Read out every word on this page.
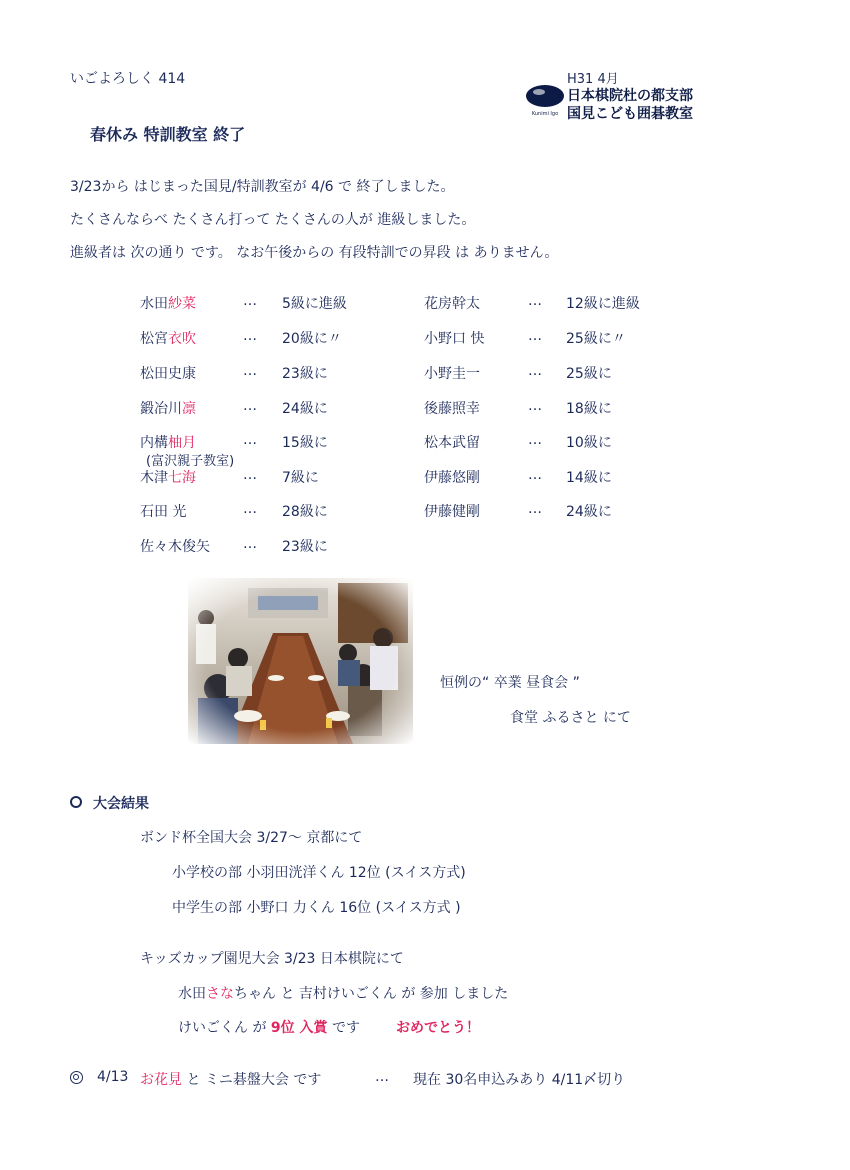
いごよろしく 414
Kunimi Igo
H31 4月
日本棋院杜の都支部
国見こども囲碁教室
春休み 特訓教室 終了
3/23から はじまった国見/特訓教室が 4/6 で 終了しました。
たくさんならべ たくさん打って たくさんの人が 進級しました。
進級者は 次の通り です。 なお午後からの 有段特訓での昇段 は ありません。
水田紗菜	… 5級に進級
松宮衣吹	… 20級に〃
松田史康	… 23級に
鍛冶川凛	… 24級に
内構柚月	… 15級に
(富沢親子教室)
木津七海	… 7級に
石田 光	… 28級に
佐々木俊矢 … 23級に
花房幹太	… 12級に進級
小野口 快	… 25級に〃
小野圭一	… 25級に
後藤照幸	… 18級に
松本武留	… 10級に
伊藤悠剛	… 14級に
伊藤健剛	… 24級に
恒例の“ 卒業 昼食会 ”
食堂 ふるさと にて
大会結果
ボンド杯全国大会 3/27～ 京都にて
小学校の部 小羽田洸洋くん 12位 (スイス方式)
中学生の部 小野口 力くん 16位 (スイス方式 )
キッズカップ園児大会 3/23 日本棋院にて
水田さなちゃん と 吉村けいごくん が 参加 しました
けいごくん が 9位 入賞 です	おめでとう！
4/13 お花見 と ミニ碁盤大会 です	… 現在 30名申込みあり 4/11〆切り
